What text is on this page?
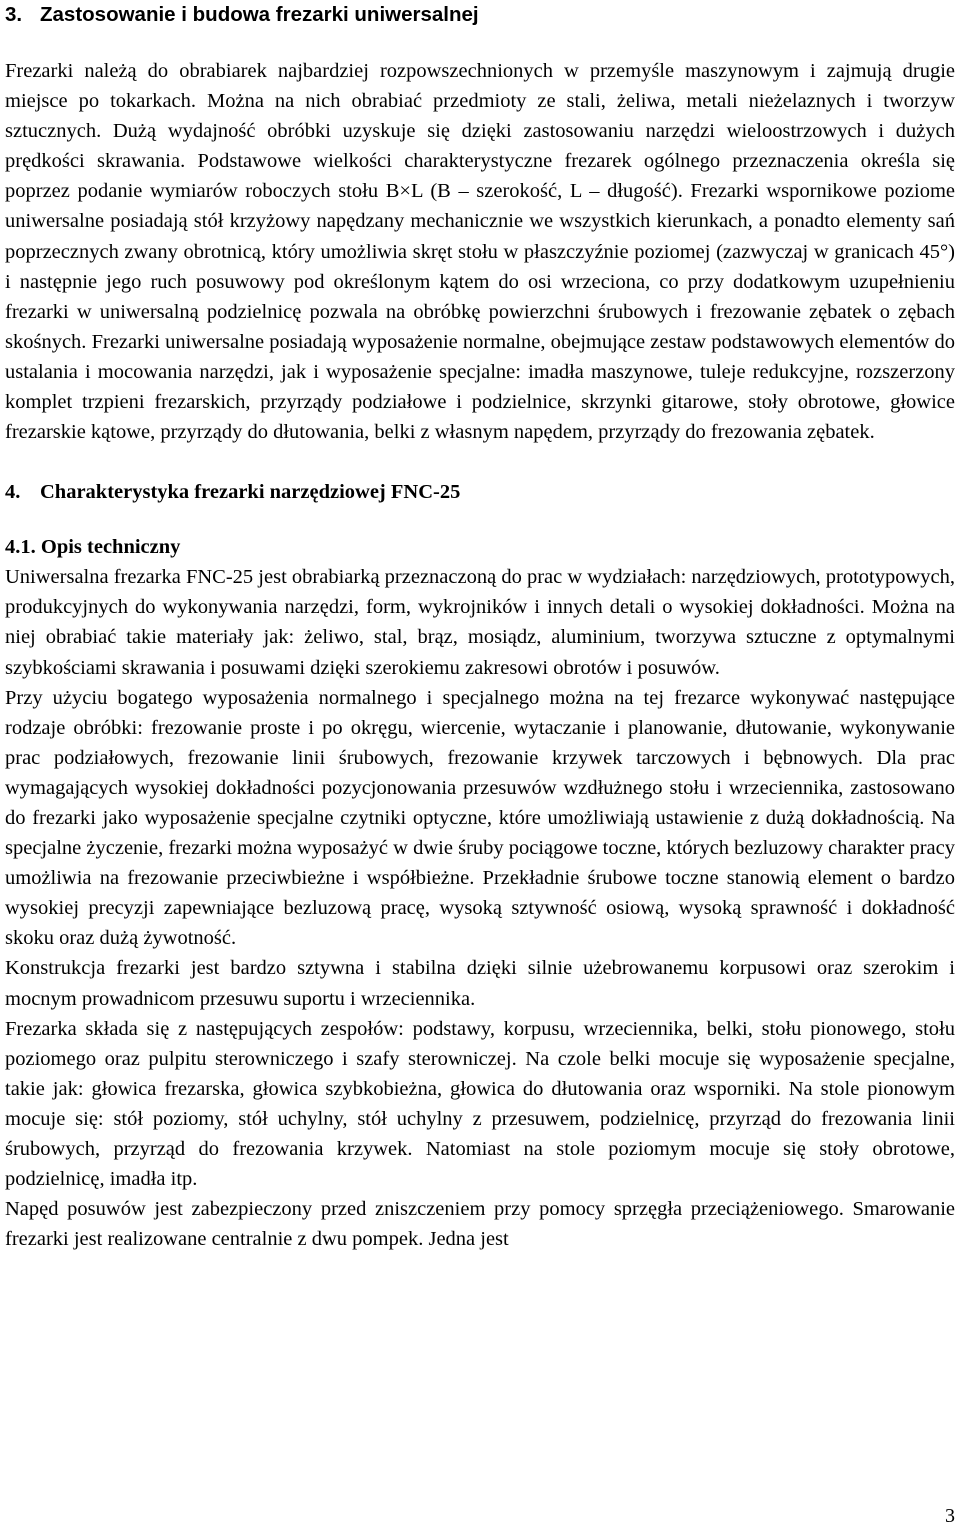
3. Zastosowanie i budowa frezarki uniwersalnej

Frezarki należą do obrabiarek najbardziej rozpowszechnionych w przemyśle maszynowym i zajmują drugie miejsce po tokarkach. Można na nich obrabiać przedmioty ze stali, żeliwa, metali nieżelaznych i tworzyw sztucznych. Dużą wydajność obróbki uzyskuje się dzięki zastosowaniu narzędzi wieloostrzowych i dużych prędkości skrawania. Podstawowe wielkości charakterystyczne frezarek ogólnego przeznaczenia określa się poprzez podanie wymiarów roboczych stołu B×L (B – szerokość, L – długość). Frezarki wspornikowe poziome uniwersalne posiadają stół krzyżowy napędzany mechanicznie we wszystkich kierunkach, a ponadto elementy sań poprzecznych zwany obrotnicą, który umożliwia skręt stołu w płaszczyźnie poziomej (zazwyczaj w granicach 45°) i następnie jego ruch posuwowy pod określonym kątem do osi wrzeciona, co przy dodatkowym uzupełnieniu frezarki w uniwersalną podzielnicę pozwala na obróbkę powierzchni śrubowych i frezowanie zębatek o zębach skośnych. Frezarki uniwersalne posiadają wyposażenie normalne, obejmujące zestaw podstawowych elementów do ustalania i mocowania narzędzi, jak i wyposażenie specjalne: imadła maszynowe, tuleje redukcyjne, rozszerzony komplet trzpieni frezarskich, przyrządy podziałowe i podzielnice, skrzynki gitarowe, stoły obrotowe, głowice frezarskie kątowe, przyrządy do dłutowania, belki z własnym napędem, przyrządy do frezowania zębatek.

4. Charakterystyka frezarki narzędziowej FNC-25
4.1. Opis techniczny

Uniwersalna frezarka FNC-25 jest obrabiarką przeznaczoną do prac w wydziałach: narzędziowych, prototypowych, produkcyjnych do wykonywania narzędzi, form, wykrojników i innych detali o wysokiej dokładności. Można na niej obrabiać takie materiały jak: żeliwo, stal, brąz, mosiądz, aluminium, tworzywa sztuczne z optymalnymi szybkościami skrawania i posuwami dzięki szerokiemu zakresowi obrotów i posuwów.

Przy użyciu bogatego wyposażenia normalnego i specjalnego można na tej frezarce wykonywać następujące rodzaje obróbki: frezowanie proste i po okręgu, wiercenie, wytaczanie i planowanie, dłutowanie, wykonywanie prac podziałowych, frezowanie linii śrubowych, frezowanie krzywek tarczowych i bębnowych. Dla prac wymagających wysokiej dokładności pozycjonowania przesuwów wzdłużnego stołu i wrzeciennika, zastosowano do frezarki jako wyposażenie specjalne czytniki optyczne, które umożliwiają ustawienie z dużą dokładnością. Na specjalne życzenie, frezarki można wyposażyć w dwie śruby pociągowe toczne, których bezluzowy charakter pracy umożliwia na frezowanie przeciwbieżne i współbieżne. Przekładnie śrubowe toczne stanowią element o bardzo wysokiej precyzji zapewniające bezluzową pracę, wysoką sztywność osiową, wysoką sprawność i dokładność skoku oraz dużą żywotność.

Konstrukcja frezarki jest bardzo sztywna i stabilna dzięki silnie użebrowanemu korpusowi oraz szerokim i mocnym prowadnicom przesuwu suportu i wrzeciennika.

Frezarka składa się z następujących zespołów: podstawy, korpusu, wrzeciennika, belki, stołu pionowego, stołu poziomego oraz pulpitu sterowniczego i szafy sterowniczej. Na czole belki mocuje się wyposażenie specjalne, takie jak: głowica frezarska, głowica szybkobieżna, głowica do dłutowania oraz wsporniki. Na stole pionowym mocuje się: stół poziomy, stół uchylny, stół uchylny z przesuwem, podzielnicę, przyrząd do frezowania linii śrubowych, przyrząd do frezowania krzywek. Natomiast na stole poziomym mocuje się stoły obrotowe, podzielnicę, imadła itp.

Napęd posuwów jest zabezpieczony przed zniszczeniem przy pomocy sprzęgła przeciążeniowego. Smarowanie frezarki jest realizowane centralnie z dwu pompek. Jedna jest

3
